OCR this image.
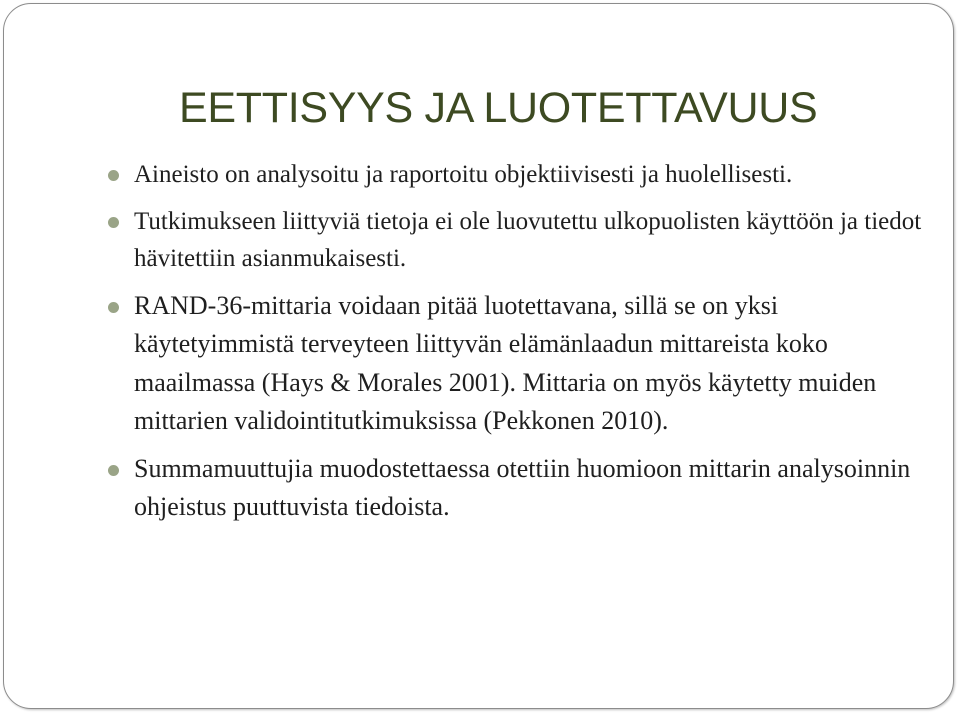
EETTISYYS JA LUOTETTAVUUS
Aineisto on analysoitu ja raportoitu objektiivisesti ja huolellisesti.
Tutkimukseen liittyviä tietoja ei ole luovutettu ulkopuolisten käyttöön ja tiedot hävitettiin asianmukaisesti.
RAND-36-mittaria voidaan pitää luotettavana, sillä se on yksi käytetyimmistä terveyteen liittyvän elämänlaadun mittareista koko maailmassa (Hays & Morales 2001). Mittaria on myös käytetty muiden mittarien validointitutkimuksissa (Pekkonen 2010).
Summamuuttujia muodostettaessa otettiin huomioon mittarin analysoinnin ohjeistus puuttuvista tiedoista.
